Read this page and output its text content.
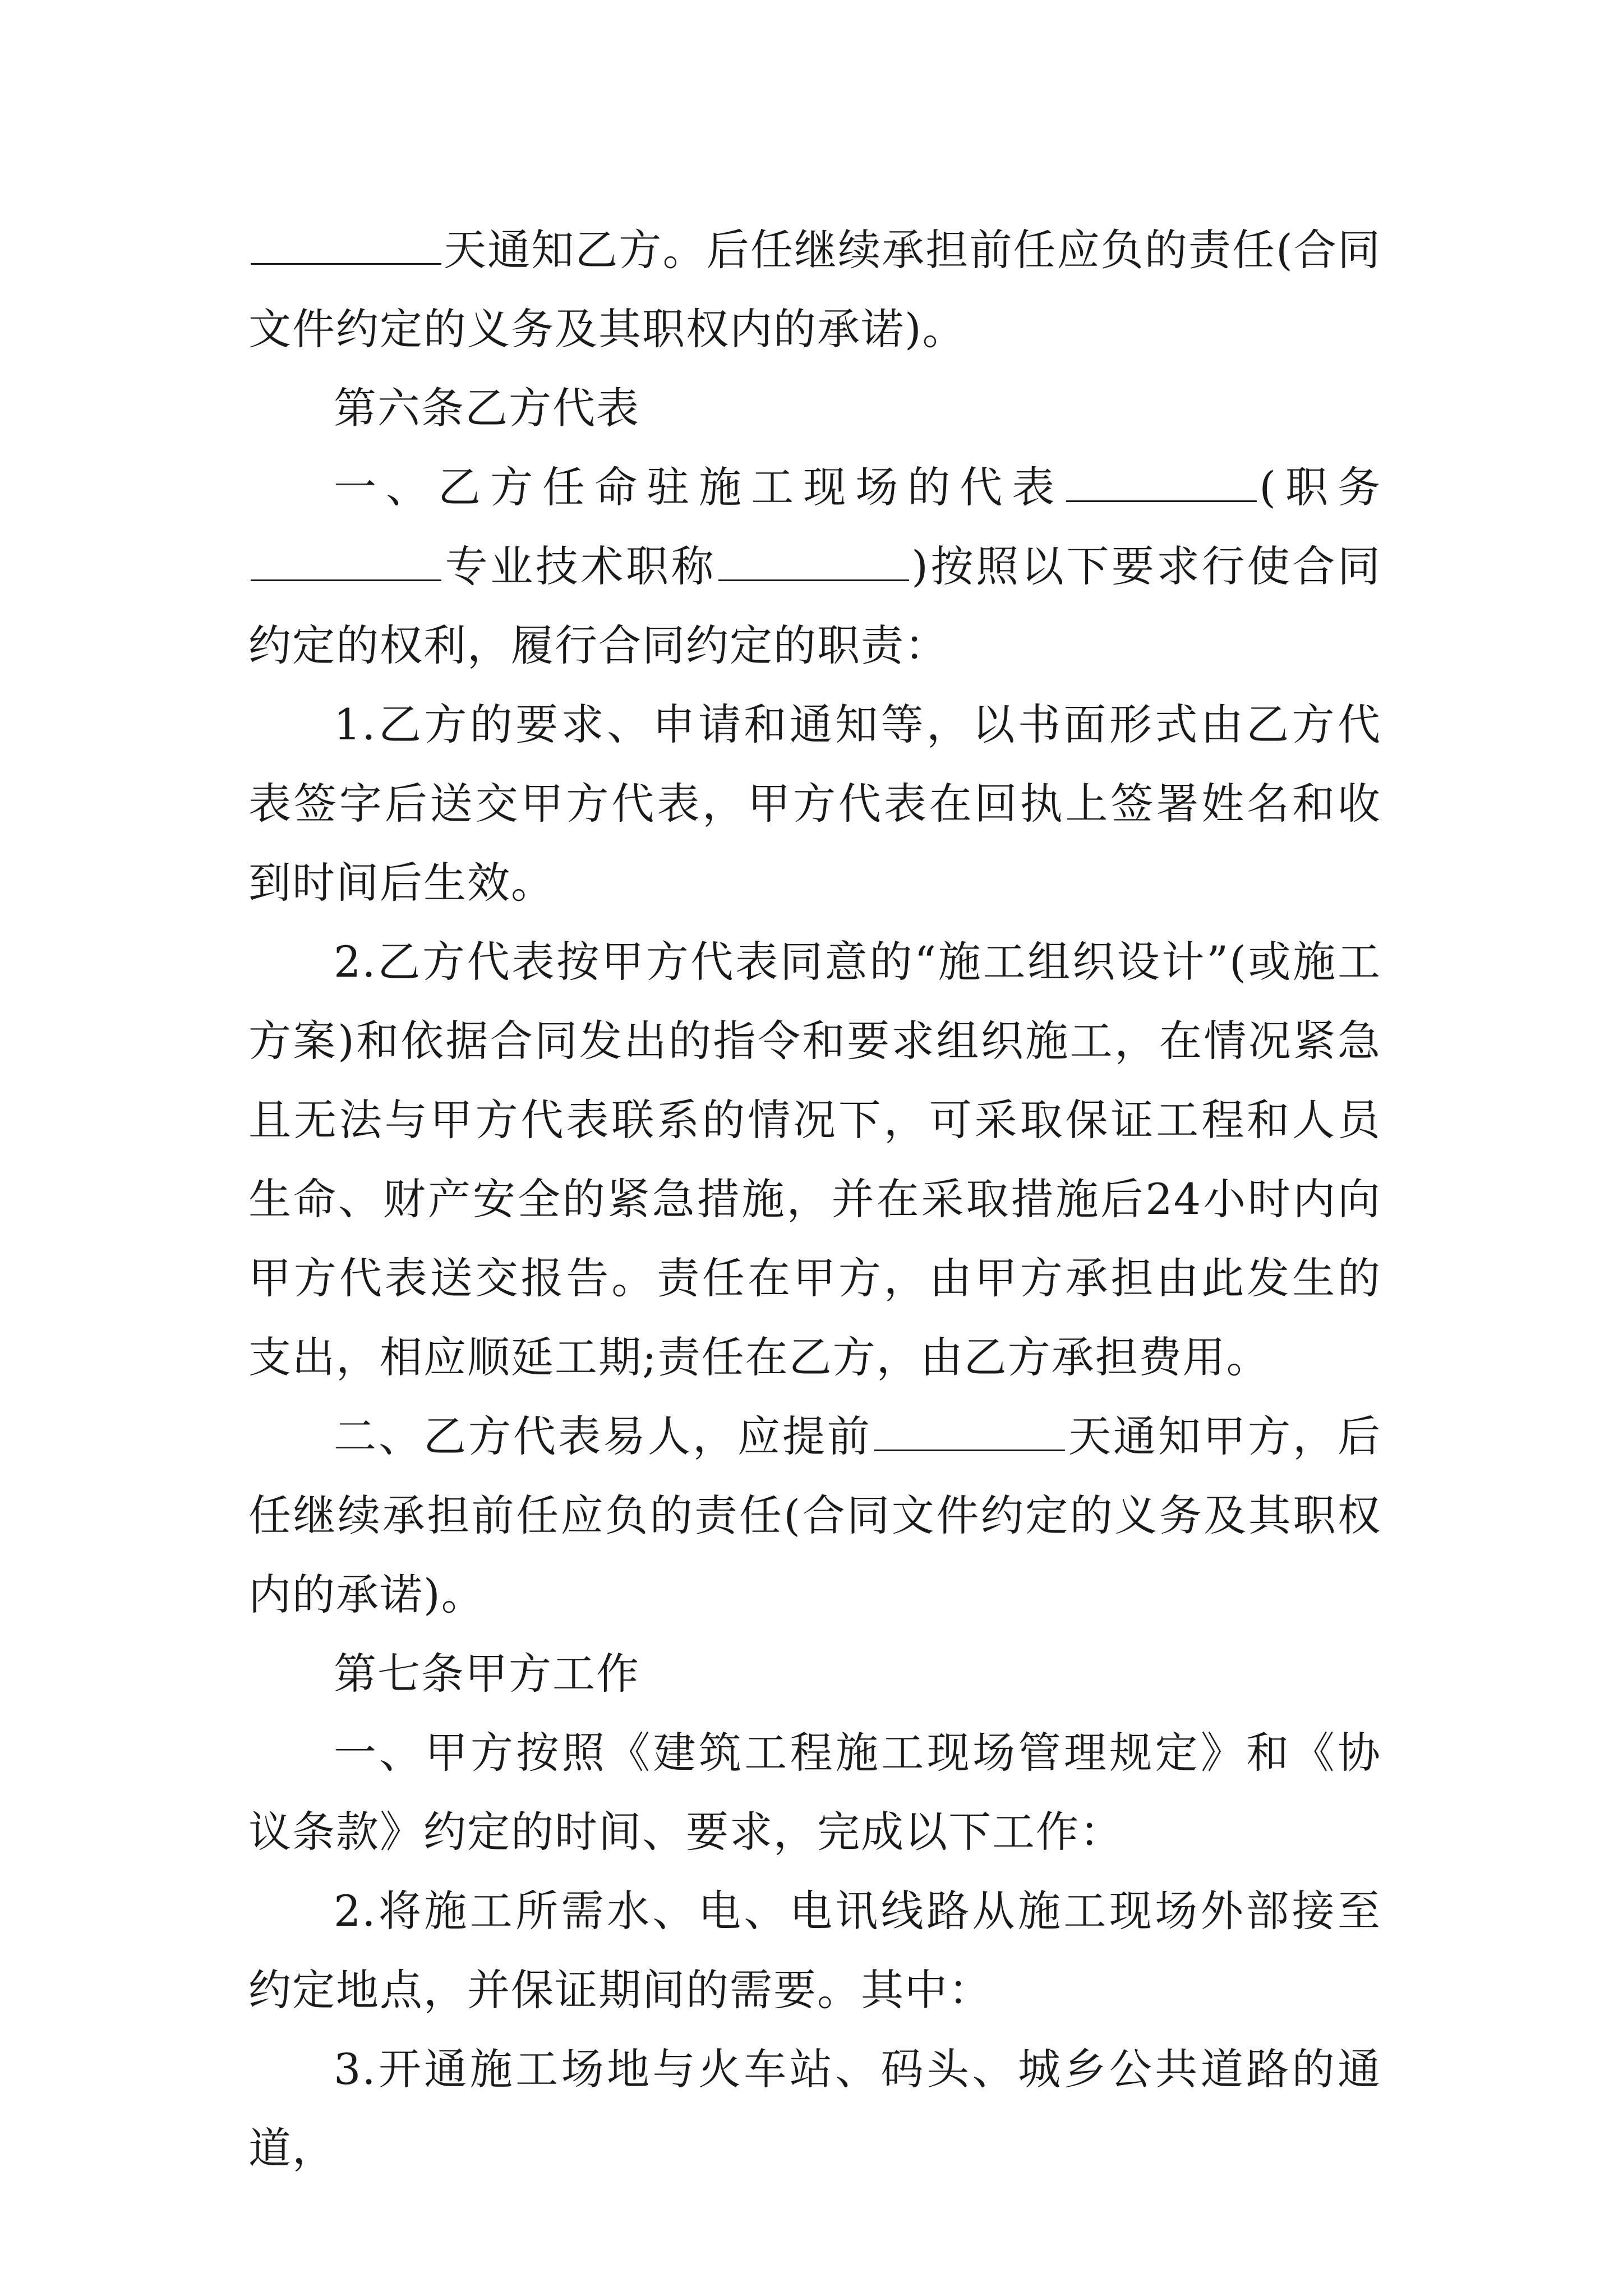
天通知乙方。后任继续承担前任应负的责任(合同文件约定的义务及其职权内的承诺)。

第六条乙方代表

一、乙方任命驻施工现场的代表	(职务专业技术职称	)按照以下要求行使合同约定的权利，履行合同约定的职责：

1.乙方的要求、申请和通知等，以书面形式由乙方代表签字后送交甲方代表，甲方代表在回执上签署姓名和收到时间后生效。

2.乙方代表按甲方代表同意的“施工组织设计”(或施工方案)和依据合同发出的指令和要求组织施工，在情况紧急且无法与甲方代表联系的情况下，可采取保证工程和人员生命、财产安全的紧急措施，并在采取措施后24小时内向甲方代表送交报告。责任在甲方，由甲方承担由此发生的支出，相应顺延工期;责任在乙方，由乙方承担费用。

二、乙方代表易人，应提前	天通知甲方，后任继续承担前任应负的责任(合同文件约定的义务及其职权内的承诺)。

第七条甲方工作

一、甲方按照《建筑工程施工现场管理规定》和《协议条款》约定的时间、要求，完成以下工作：

2.将施工所需水、电、电讯线路从施工现场外部接至约定地点，并保证期间的需要。其中：

3.开通施工场地与火车站、码头、城乡公共道路的通道，
